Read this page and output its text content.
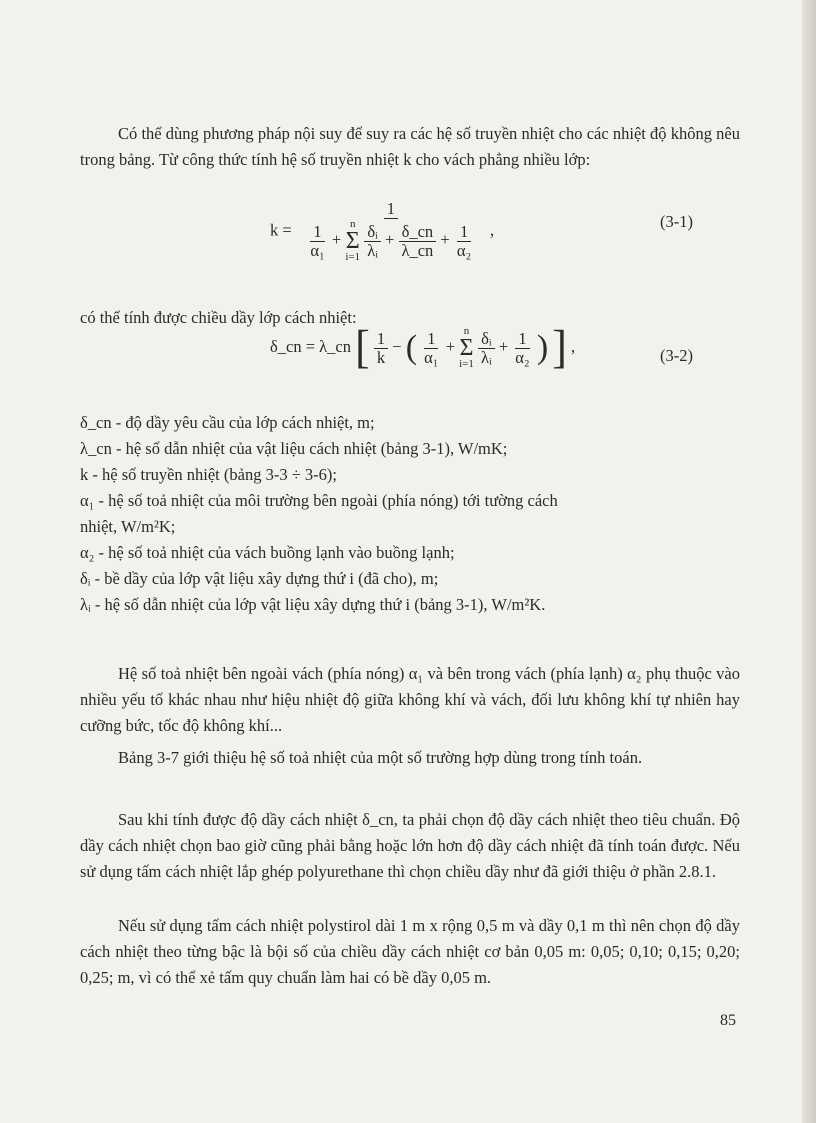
Có thể dùng phương pháp nội suy để suy ra các hệ số truyền nhiệt cho các nhiệt độ không nêu trong bảng. Từ công thức tính hệ số truyền nhiệt k cho vách phẳng nhiều lớp:

k =
1
$\frac{1}{\text{α₁}}$ +
n
Σ
i=1
$\frac{\text{δᵢ}}{\text{λᵢ}} + \frac{\delta\_cn}{\lambda\_cn} + \frac{1}{\text{α₂}}$ ,	(3-1)

có thể tính được chiều dầy lớp cách nhiệt:

δ_cn = λ_cn [ $\frac{1}{k}$ − ( $\frac{1}{\text{α₁}}$ +
n
Σ
i=1
$\frac{\text{δᵢ}}{\text{λᵢ}} + \frac{1}{\text{α₂}}$ ) ] ,	(3-2)

δ_cn - độ dầy yêu cầu của lớp cách nhiệt, m;

λ_cn - hệ số dẫn nhiệt của vật liệu cách nhiệt (bảng 3-1), W/mK;

k - hệ số truyền nhiệt (bảng 3-3 ÷ 3-6);

α₁ - hệ số toả nhiệt của môi trường bên ngoài (phía nóng) tới tường cách

nhiệt, W/m²K;

α₂ - hệ số toả nhiệt của vách buồng lạnh vào buồng lạnh;

δᵢ - bề dầy của lớp vật liệu xây dựng thứ i (đã cho), m;

λᵢ - hệ số dẫn nhiệt của lớp vật liệu xây dựng thứ i (bảng 3-1), W/m²K.

Hệ số toả nhiệt bên ngoài vách (phía nóng) α₁ và bên trong vách (phía lạnh) α₂ phụ thuộc vào nhiều yếu tố khác nhau như hiệu nhiệt độ giữa không khí và vách, đối lưu không khí tự nhiên hay cưỡng bức, tốc độ không khí...

Bảng 3-7 giới thiệu hệ số toả nhiệt của một số trường hợp dùng trong tính toán.

Sau khi tính được độ dầy cách nhiệt δ_cn, ta phải chọn độ dầy cách nhiệt theo tiêu chuẩn. Độ dầy cách nhiệt chọn bao giờ cũng phải bằng hoặc lớn hơn độ dầy cách nhiệt đã tính toán được. Nếu sử dụng tấm cách nhiệt lắp ghép polyurethane thì chọn chiều dầy như đã giới thiệu ở phần 2.8.1.

Nếu sử dụng tấm cách nhiệt polystirol dài 1 m x rộng 0,5 m và dầy 0,1 m thì nên chọn độ dầy cách nhiệt theo từng bậc là bội số của chiều dầy cách nhiệt cơ bản 0,05 m: 0,05; 0,10; 0,15; 0,20; 0,25; m, vì có thể xẻ tấm quy chuẩn làm hai có bề dầy 0,05 m.

85
